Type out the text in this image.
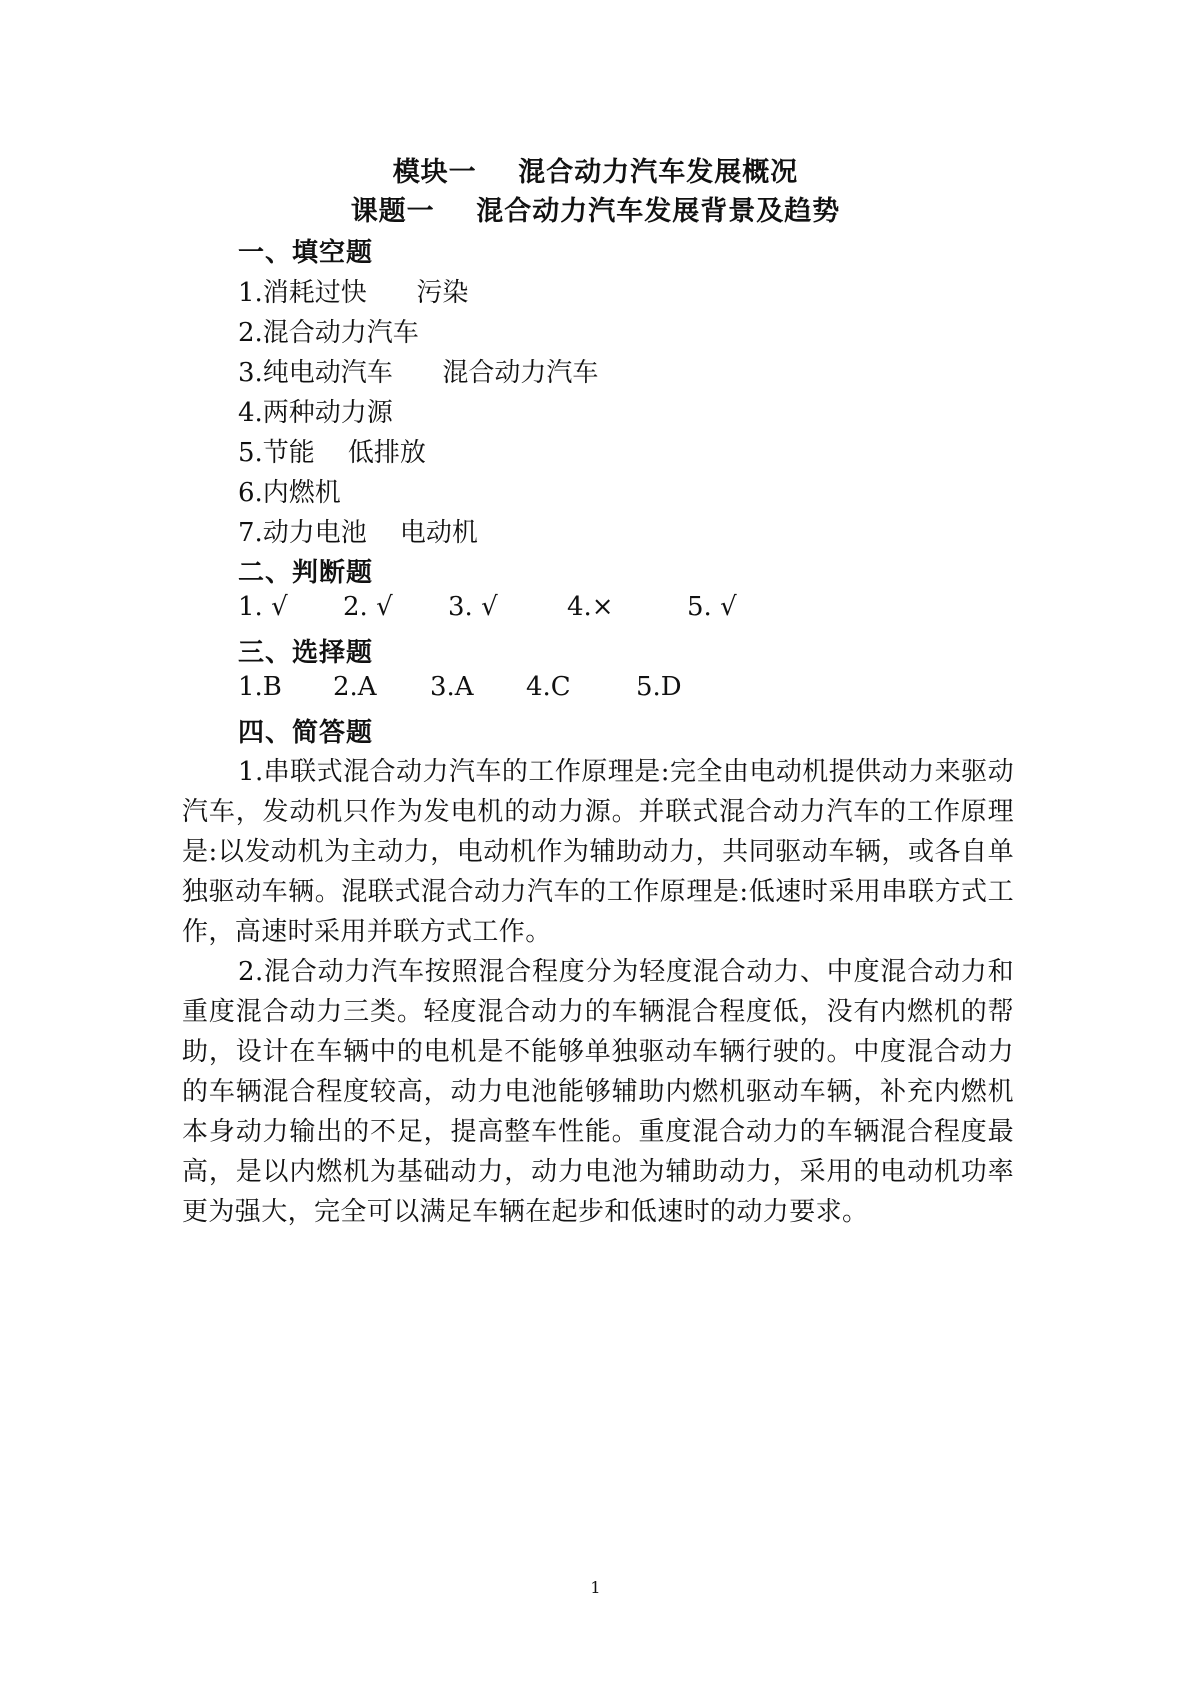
模块一    混合动力汽车发展概况
课题一    混合动力汽车发展背景及趋势
一、填空题
1.消耗过快      污染
2.混合动力汽车
3.纯电动汽车      混合动力汽车
4.两种动力源
5.节能    低排放
6.内燃机
7.动力电池    电动机
二、判断题
1. √ 2. √ 3. √	4.×	5. √
三、选择题
1.B 2.A 3.A 4.C	5.D
四、简答题
1.串联式混合动力汽车的工作原理是:完全由电动机提供动力来驱动汽车，发动机只作为发电机的动力源。并联式混合动力汽车的工作原理是:以发动机为主动力，电动机作为辅助动力，共同驱动车辆，或各自单独驱动车辆。混联式混合动力汽车的工作原理是:低速时采用串联方式工作，高速时采用并联方式工作。
2.混合动力汽车按照混合程度分为轻度混合动力、中度混合动力和重度混合动力三类。轻度混合动力的车辆混合程度低，没有内燃机的帮助，设计在车辆中的电机是不能够单独驱动车辆行驶的。中度混合动力的车辆混合程度较高，动力电池能够辅助内燃机驱动车辆，补充内燃机本身动力输出的不足，提高整车性能。重度混合动力的车辆混合程度最高，是以内燃机为基础动力，动力电池为辅助动力，采用的电动机功率更为强大，完全可以满足车辆在起步和低速时的动力要求。
1
